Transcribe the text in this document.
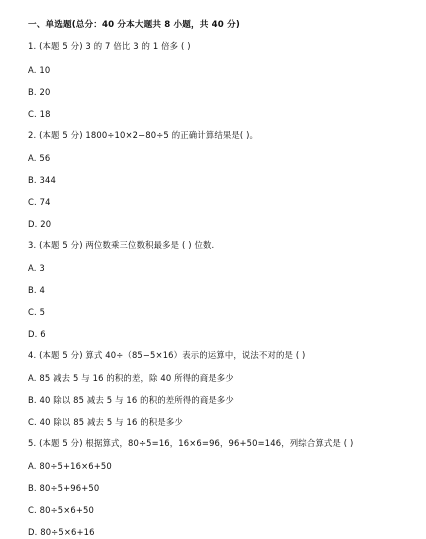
一、单选题(总分：40 分本大题共 8 小题，共 40 分)
1. (本题 5 分) 3 的 7 倍比 3 的 1 倍多 ( )
A. 10
B. 20
C. 18
2. (本题 5 分) 1800÷10×2−80÷5 的正确计算结果是( )。
A. 56
B. 344
C. 74
D. 20
3. (本题 5 分) 两位数乘三位数积最多是 ( ) 位数.
A. 3
B. 4
C. 5
D. 6
4. (本题 5 分) 算式 40÷（85−5×16）表示的运算中，说法不对的是 ( )
A. 85 减去 5 与 16 的积的差，除 40 所得的商是多少
B. 40 除以 85 减去 5 与 16 的积的差所得的商是多少
C. 40 除以 85 减去 5 与 16 的积是多少
5. (本题 5 分) 根据算式，80÷5=16，16×6=96，96+50=146，列综合算式是 ( )
A. 80÷5+16×6+50
B. 80÷5+96+50
C. 80÷5×6+50
D. 80÷5×6+16
